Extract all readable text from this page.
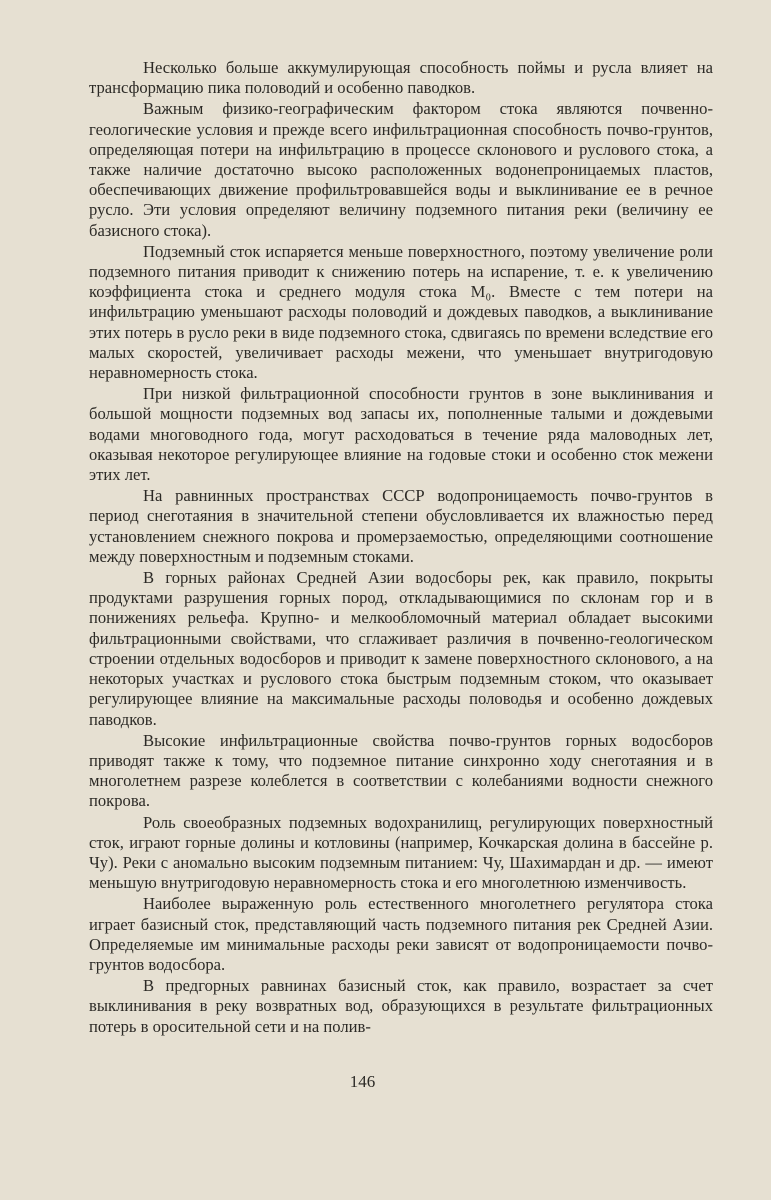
Несколько больше аккумулирующая способность поймы и русла влияет на трансформацию пика половодий и особенно паводков.

Важным физико-географическим фактором стока являются почвенно-геологические условия и прежде всего инфильтрационная способность почво-грунтов, определяющая потери на инфильтрацию в процессе склонового и руслового стока, а также наличие достаточно высоко расположенных водонепроницаемых пластов, обеспечивающих движение профильтровавшейся воды и выклинивание ее в речное русло. Эти условия определяют величину подземного питания реки (величину ее базисного стока).

Подземный сток испаряется меньше поверхностного, поэтому увеличение роли подземного питания приводит к снижению потерь на испарение, т. е. к увеличению коэффициента стока и среднего модуля стока M₀. Вместе с тем потери на инфильтрацию уменьшают расходы половодий и дождевых паводков, а выклинивание этих потерь в русло реки в виде подземного стока, сдвигаясь по времени вследствие его малых скоростей, увеличивает расходы межени, что уменьшает внутригодовую неравномерность стока.

При низкой фильтрационной способности грунтов в зоне выклинивания и большой мощности подземных вод запасы их, пополненные талыми и дождевыми водами многоводного года, могут расходоваться в течение ряда маловодных лет, оказывая некоторое регулирующее влияние на годовые стоки и особенно сток межени этих лет.

На равнинных пространствах СССР водопроницаемость почво-грунтов в период снеготаяния в значительной степени обусловливается их влажностью перед установлением снежного покрова и промерзаемостью, определяющими соотношение между поверхностным и подземным стоками.

В горных районах Средней Азии водосборы рек, как правило, покрыты продуктами разрушения горных пород, откладывающимися по склонам гор и в понижениях рельефа. Крупно- и мелкообломочный материал обладает высокими фильтрационными свойствами, что сглаживает различия в почвенно-геологическом строении отдельных водосборов и приводит к замене поверхностного склонового, а на некоторых участках и руслового стока быстрым подземным стоком, что оказывает регулирующее влияние на максимальные расходы половодья и особенно дождевых паводков.

Высокие инфильтрационные свойства почво-грунтов горных водосборов приводят также к тому, что подземное питание синхронно ходу снеготаяния и в многолетнем разрезе колеблется в соответствии с колебаниями водности снежного покрова.

Роль своеобразных подземных водохранилищ, регулирующих поверхностный сток, играют горные долины и котловины (например, Кочкарская долина в бассейне р. Чу). Реки с аномально высоким подземным питанием: Чу, Шахимардан и др. — имеют меньшую внутригодовую неравномерность стока и его многолетнюю изменчивость.

Наиболее выраженную роль естественного многолетнего регулятора стока играет базисный сток, представляющий часть подземного питания рек Средней Азии. Определяемые им минимальные расходы реки зависят от водопроницаемости почво-грунтов водосбора.

В предгорных равнинах базисный сток, как правило, возрастает за счет выклинивания в реку возвратных вод, образующихся в результате фильтрационных потерь в оросительной сети и на полив-

146
